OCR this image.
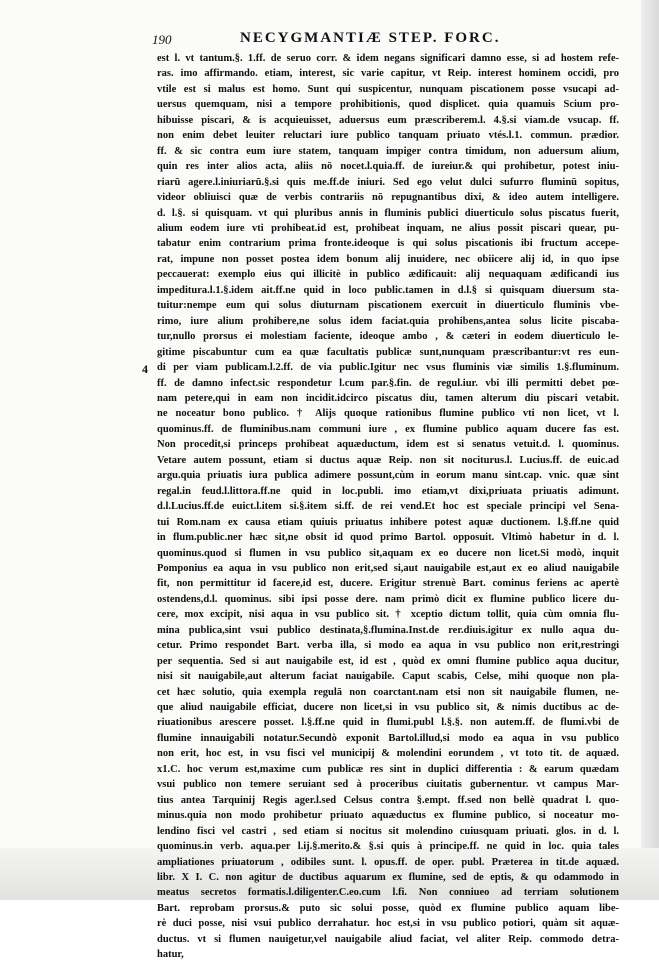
190	NECYGMANTIÆ STEP. FORC.
4
est l. vt tantum.§. 1.ff. de seruo corr. & idem negans significari damno esse, si ad hostem refe-
ras. imo affirmando. etiam, interest, sic varie capitur, vt Reip. interest hominem occidi, pro
vtile est si malus est homo. Sunt qui suspicentur, nunquam piscationem posse vsucapi ad-
uersus quemquam, nisi a tempore prohibitionis, quod displicet. quia quamuis Scium pro-
hibuisse piscari, & is acquieuisset, aduersus eum præscriberem.l. 4.§.si viam.de vsucap. ff.
non enim debet leuiter reluctari iure publico tanquam priuato vtés.l.1. commun. prædior.
ff. & sic contra eum iure statem, tanquam impiger contra timidum, non aduersum alium,
quin res inter alios acta, aliis nō nocet.l.quia.ff. de iureiur.& qui prohibetur, potest iniu-
riarū agere.l.iniuriarū.§.si quis me.ff.de iniuri. Sed ego velut dulci sufurro fluminū sopitus,
videor obliuisci quæ de verbis contrariis nō repugnantibus dixi, & ideo autem intelligere.
d. l.§. si quisquam. vt qui pluribus annis in fluminis publici diuerticulo solus piscatus fuerit,
alium eodem iure vti prohibeat.id est, prohibeat inquam, ne alius possit piscari quear, pu-
tabatur enim contrarium prima fronte.ideoque is qui solus piscationis ibi fructum accepe-
rat, impune non posset postea idem bonum alij inuidere, nec obiicere alij id, in quo ipse
peccauerat: exemplo eius qui illicitè in publico ædificauit: alij nequaquam ædificandi ius
impeditura.l.1.§.idem ait.ff.ne quid in loco public.tamen in d.l.§ si quisquam diuersum sta-
tuitur:nempe eum qui solus diuturnam piscationem exercuit in diuerticulo fluminis vbe-
rimo, iure alium prohibere,ne solus idem faciat.quia prohibens,antea solus licite piscaba-
tur,nullo prorsus ei molestiam faciente, ideoque ambo , & cæteri in eodem diuerticulo le-
gitime piscabuntur cum ea quæ facultatis publicæ sunt,nunquam præscribantur:vt res eun-
di per viam publicam.l.2.ff. de via public.Igitur nec vsus fluminis viæ similis 1.§.fluminum.
ff. de damno infect.sic respondetur l.cum par.§.fin. de regul.iur. vbi illi permitti debet pœ-
nam petere,qui in eam non incidit.idcirco piscatus diu, tamen alterum diu piscari vetabit.
ne noceatur bono publico. † Alijs quoque rationibus flumine publico vti non licet, vt l.
quominus.ff. de fluminibus.nam communi iure , ex flumine publico aquam ducere fas est.
Non procedit,si princeps prohibeat aquæductum, idem est si senatus vetuit.d. l. quominus.
Vetare autem possunt, etiam si ductus aquæ Reip. non sit nociturus.l. Lucius.ff. de euic.ad
argu.quia priuatis iura publica adimere possunt,cùm in eorum manu sint.cap. vnic. quæ sint
regal.in feud.l.littora.ff.ne quid in loc.publi. imo etiam,vt dixi,priuata priuatis adimunt.
d.l.Lucius.ff.de euict.l.item si.§.item si.ff. de rei vend.Et hoc est speciale principi vel Sena-
tui Rom.nam ex causa etiam quiuis priuatus inhibere potest aquæ ductionem. l.§.ff.ne quid
in flum.public.ner hæc sit,ne obsit id quod primo Bartol. opposuit. Vltimò habetur in d. l.
quominus.quod si flumen in vsu publico sit,aquam ex eo ducere non licet.Si modò, inquit
Pomponius ea aqua in vsu publico non erit,sed si,aut nauigabile est,aut ex eo aliud nauigabile
fit, non permittitur id facere,id est, ducere. Erigitur strenuè Bart. cominus feriens ac apertè
ostendens,d.l. quominus. sibi ipsi posse dere. nam primò dicit ex flumine publico licere du-
cere, mox excipit, nisi aqua in vsu publico sit. † xceptio dictum tollit, quia cùm omnia flu-
mina publica,sint vsui publico destinata,§.flumina.Inst.de rer.diuis.igitur ex nullo aqua du-
cetur. Primo respondet Bart. verba illa, si modo ea aqua in vsu publico non erit,restringi
per sequentia. Sed si aut nauigabile est, id est , quòd ex omni flumine publico aqua ducitur,
nisi sit nauigabile,aut alterum faciat nauigabile. Caput scabis, Celse, mihi quoque non pla-
cet hæc solutio, quia exempla regulā non coarctant.nam etsi non sit nauigabile flumen, ne-
que aliud nauigabile efficiat, ducere non licet,si in vsu publico sit, & nimis ductibus ac de-
riuationibus arescere posset. l.§.ff.ne quid in flumi.publ l.§.§. non autem.ff. de flumi.vbi de
flumine innauigabili notatur.Secundò exponit Bartol.illud,si modo ea aqua in vsu publico
non erit, hoc est, in vsu fisci vel municipij & molendini eorundem , vt toto tit. de aquæd.
x1.C. hoc verum est,maxime cum publicæ res sint in duplici differentia : & earum quædam
vsui publico non temere seruiant sed à proceribus ciuitatis gubernentur. vt campus Mar-
tius antea Tarquinij Regis ager.l.sed Celsus contra §.empt. ff.sed non bellè quadrat l. quo-
minus.quia non modo prohibetur priuato aquæductus ex flumine publico, si noceatur mo-
lendino fisci vel castri , sed etiam si nocitus sit molendino cuiusquam priuati. glos. in d. l.
quominus.in verb. aqua.per l.ij.§.merito.& §.si quis à principe.ff. ne quid in loc. quia tales
ampliationes priuatorum , odibiles sunt. l. opus.ff. de oper. publ. Præterea in tit.de aquæd.
libr. X I. C. non agitur de ductibus aquarum ex flumine, sed de eptis, & qu odammodo in
meatus secretos formatis.l.diligenter.C.eo.cum l.fi. Non conniueo ad terriam solutionem
Bart. reprobam prorsus.& puto sic solui posse, quòd ex flumine publico aquam libe-
rè duci posse, nisi vsui publico derrahatur. hoc est,si in vsu publico potiori, quàm sit aquæ-
ductus. vt si flumen nauigetur,vel nauigabile aliud faciat, vel aliter Reip. commodo detra-
hatur,
